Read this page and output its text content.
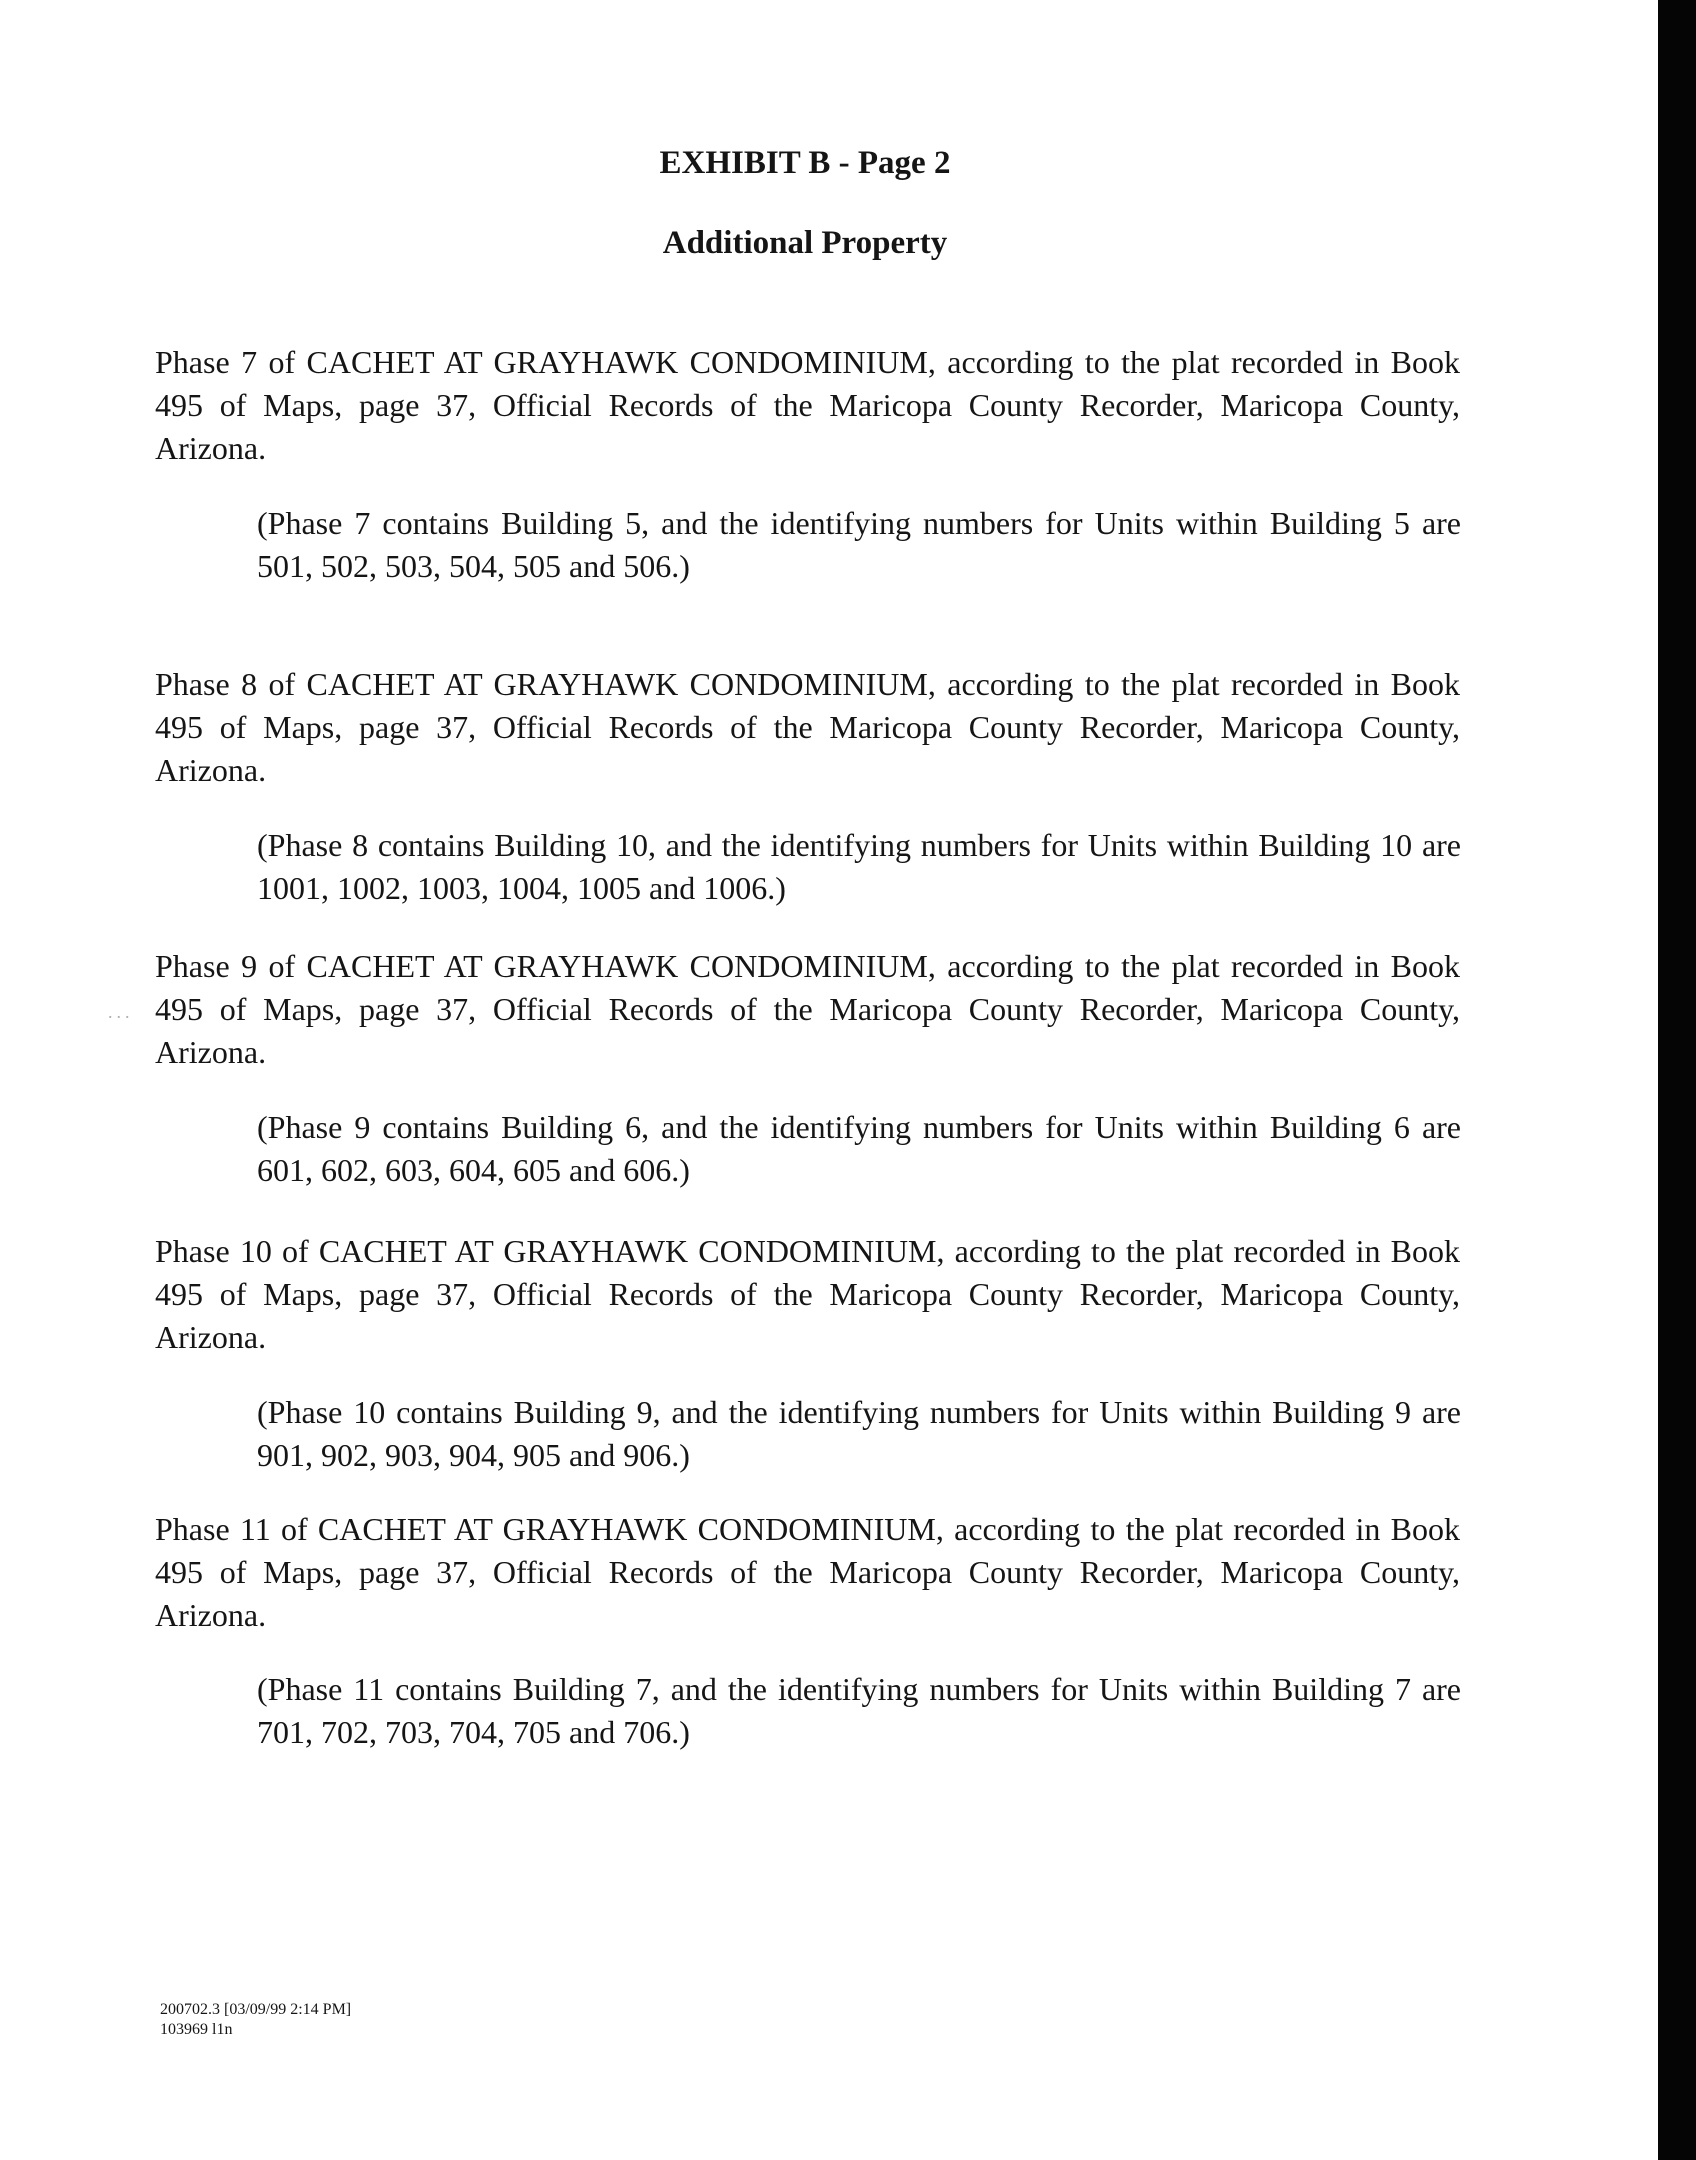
EXHIBIT B - Page 2
Additional Property

Phase 7 of CACHET AT GRAYHAWK CONDOMINIUM, according to the plat recorded in Book 495 of Maps, page 37, Official Records of the Maricopa County Recorder, Maricopa County, Arizona.

(Phase 7 contains Building 5, and the identifying numbers for Units within Building 5 are 501, 502, 503, 504, 505 and 506.)

Phase 8 of CACHET AT GRAYHAWK CONDOMINIUM, according to the plat recorded in Book 495 of Maps, page 37, Official Records of the Maricopa County Recorder, Maricopa County, Arizona.

(Phase 8 contains Building 10, and the identifying numbers for Units within Building 10 are 1001, 1002, 1003, 1004, 1005 and 1006.)

...

Phase 9 of CACHET AT GRAYHAWK CONDOMINIUM, according to the plat recorded in Book 495 of Maps, page 37, Official Records of the Maricopa County Recorder, Maricopa County, Arizona.

(Phase 9 contains Building 6, and the identifying numbers for Units within Building 6 are 601, 602, 603, 604, 605 and 606.)

Phase 10 of CACHET AT GRAYHAWK CONDOMINIUM, according to the plat recorded in Book 495 of Maps, page 37, Official Records of the Maricopa County Recorder, Maricopa County, Arizona.

(Phase 10 contains Building 9, and the identifying numbers for Units within Building 9 are 901, 902, 903, 904, 905 and 906.)

Phase 11 of CACHET AT GRAYHAWK CONDOMINIUM, according to the plat recorded in Book 495 of Maps, page 37, Official Records of the Maricopa County Recorder, Maricopa County, Arizona.

(Phase 11 contains Building 7, and the identifying numbers for Units within Building 7 are 701, 702, 703, 704, 705 and 706.)

200702.3 [03/09/99 2:14 PM]

103969 l1n
